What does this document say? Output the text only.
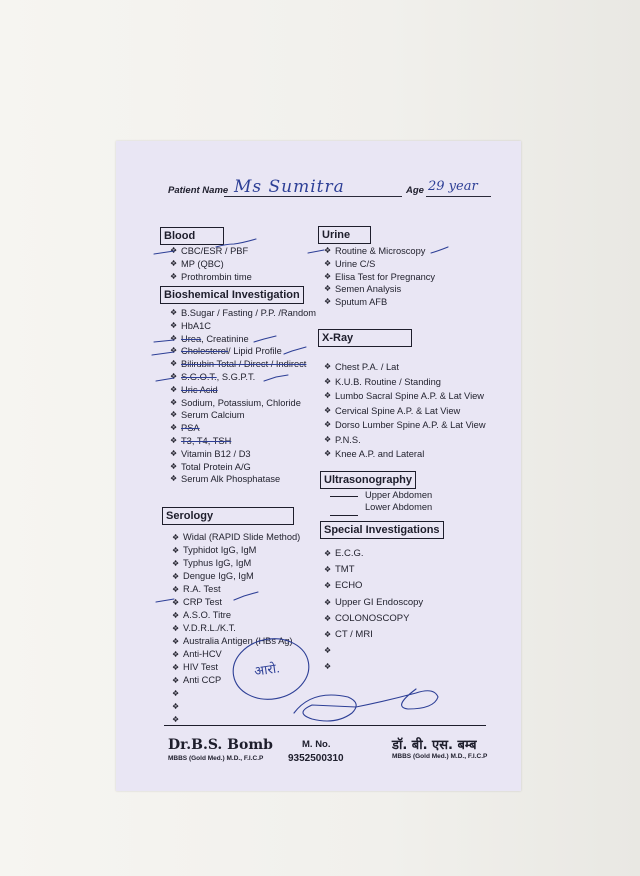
Patient Name Ms Sumitra	Age 29 year
Blood
❖ CBC/ESR / PBF
❖ MP (QBC)
❖ Prothrombin time
Bioshemical Investigation
❖ B.Sugar / Fasting / P.P. /Random
❖ HbA1C
❖ Urea , Creatinine
❖ Cholesterol / Lipid Profile
❖ Bilirubin Total / Direct / Indirect
❖ S.G.O.T. , S.G.P.T.
❖ Uric Acid
❖ Sodium, Potassium, Chloride
❖ Serum Calcium
❖ PSA
❖ T3, T4, TSH
❖ Vitamin B12 / D3
❖ Total Protein A/G
❖ Serum Alk Phosphatase
Serology
❖ Widal (RAPID Slide Method)
❖ Typhidot IgG, IgM
❖ Typhus IgG, IgM
❖ Dengue IgG, IgM
❖ R.A. Test
❖ CRP Test
❖ A.S.O. Titre
❖ V.D.R.L./K.T.
❖ Australia Antigen (HBs Ag)
❖ Anti-HCV
❖ HIV Test
❖ Anti CCP
❖
❖
❖
Urine
❖ Routine & Microscopy
❖ Urine C/S
❖ Elisa Test for Pregnancy
❖ Semen Analysis
❖ Sputum AFB
X-Ray
❖ Chest P.A. / Lat
❖ K.U.B. Routine / Standing
❖ Lumbo Sacral Spine A.P. & Lat View
❖ Cervical Spine A.P. & Lat View
❖ Dorso Lumber Spine A.P. & Lat View
❖ P.N.S.
❖ Knee A.P. and Lateral
Ultrasonography
Upper Abdomen
Lower Abdomen
Special Investigations
❖ E.C.G.
❖ TMT
❖ ECHO
❖ Upper GI Endoscopy
❖ COLONOSCOPY
❖ CT / MRI
❖
❖
आरो.
Dr.B.S. Bomb
MBBS (Gold Med.) M.D., F.I.C.P
M. No.
9352500310
डॉ. बी. एस. बम्ब
MBBS (Gold Med.) M.D., F.I.C.P
